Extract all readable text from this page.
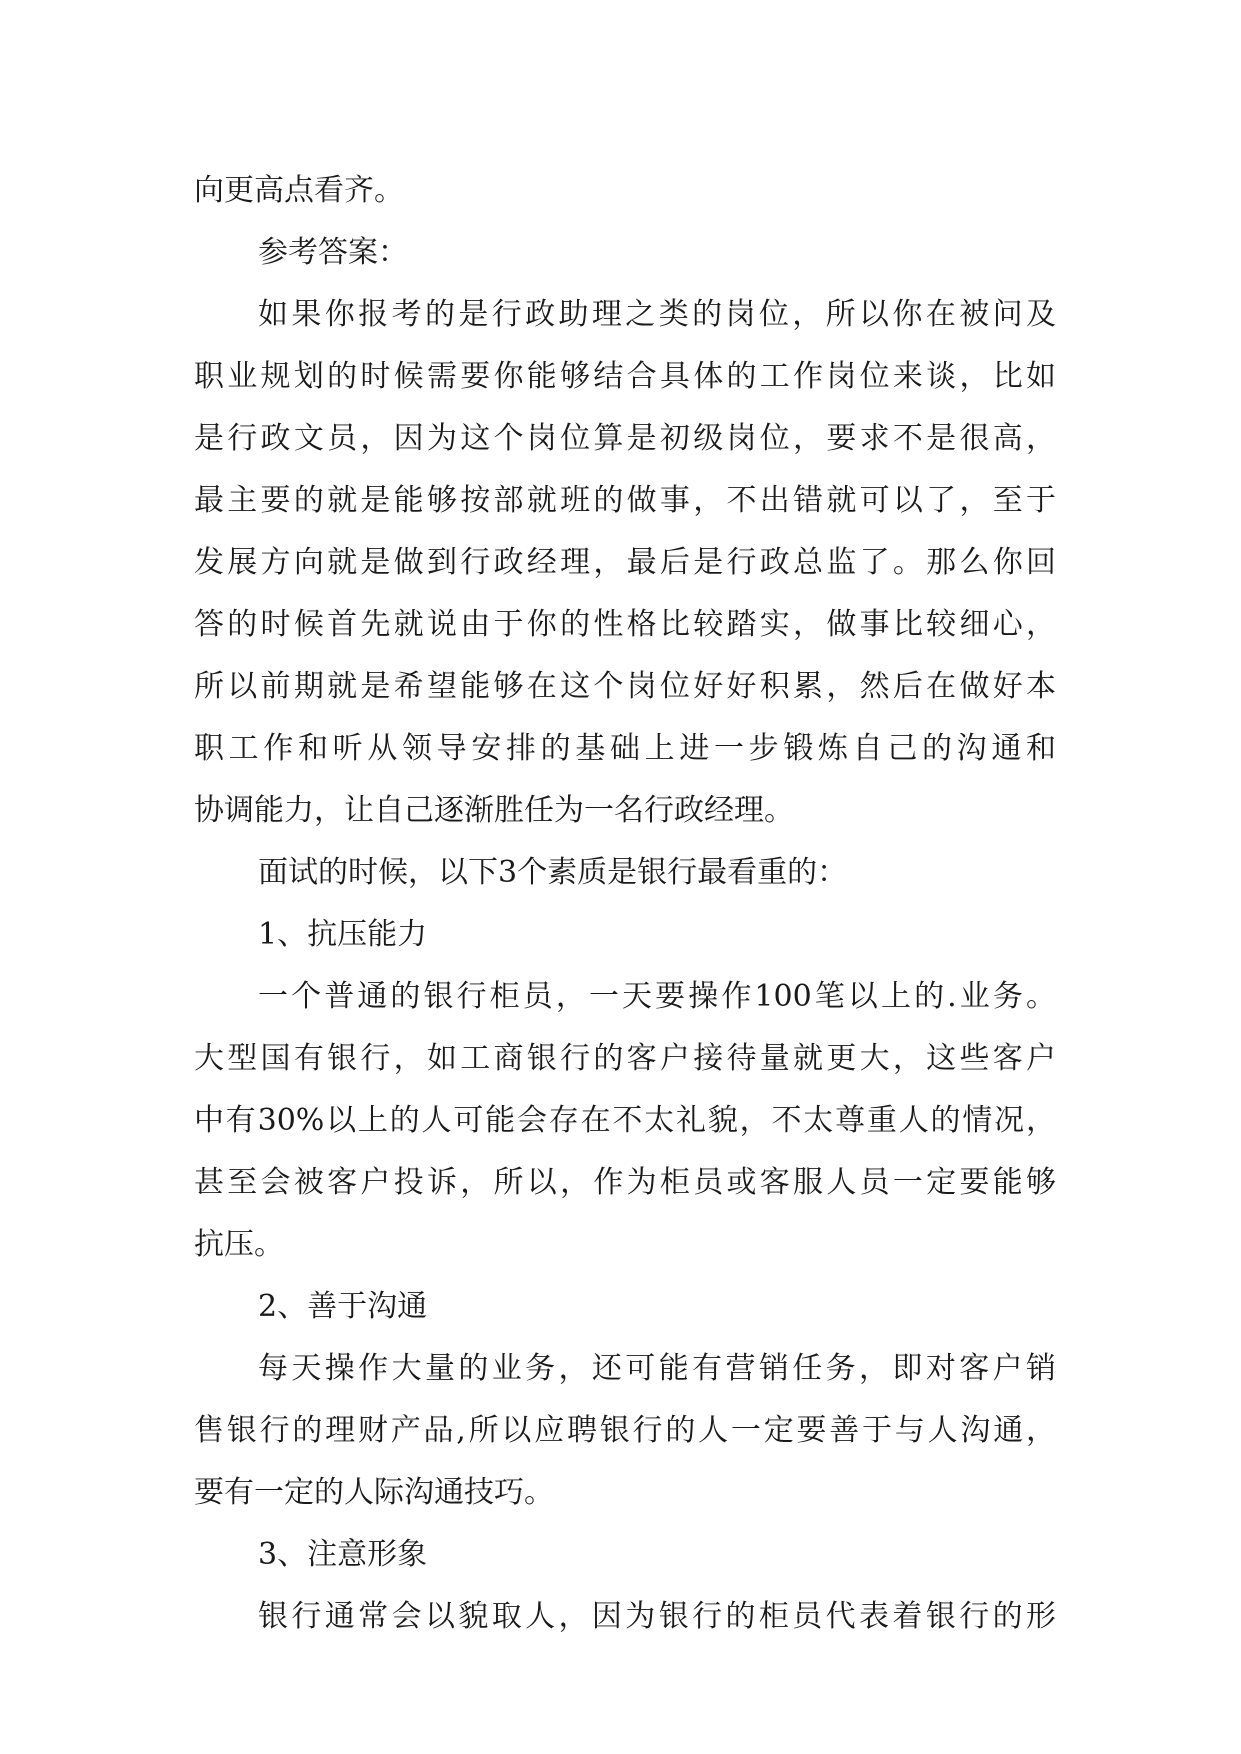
向更高点看齐。
参考答案：
如果你报考的是行政助理之类的岗位，所以你在被问及
职业规划的时候需要你能够结合具体的工作岗位来谈，比如
是行政文员，因为这个岗位算是初级岗位，要求不是很高，
最主要的就是能够按部就班的做事，不出错就可以了，至于
发展方向就是做到行政经理，最后是行政总监了。那么你回
答的时候首先就说由于你的性格比较踏实，做事比较细心，
所以前期就是希望能够在这个岗位好好积累，然后在做好本
职工作和听从领导安排的基础上进一步锻炼自己的沟通和
协调能力，让自己逐渐胜任为一名行政经理。
面试的时候，以下3个素质是银行最看重的：
1、抗压能力
一个普通的银行柜员，一天要操作100笔以上的.业务。
大型国有银行，如工商银行的客户接待量就更大，这些客户
中有30%以上的人可能会存在不太礼貌，不太尊重人的情况，
甚至会被客户投诉，所以，作为柜员或客服人员一定要能够
抗压。
2、善于沟通
每天操作大量的业务，还可能有营销任务，即对客户销
售银行的理财产品,所以应聘银行的人一定要善于与人沟通，
要有一定的人际沟通技巧。
3、注意形象
银行通常会以貌取人，因为银行的柜员代表着银行的形
